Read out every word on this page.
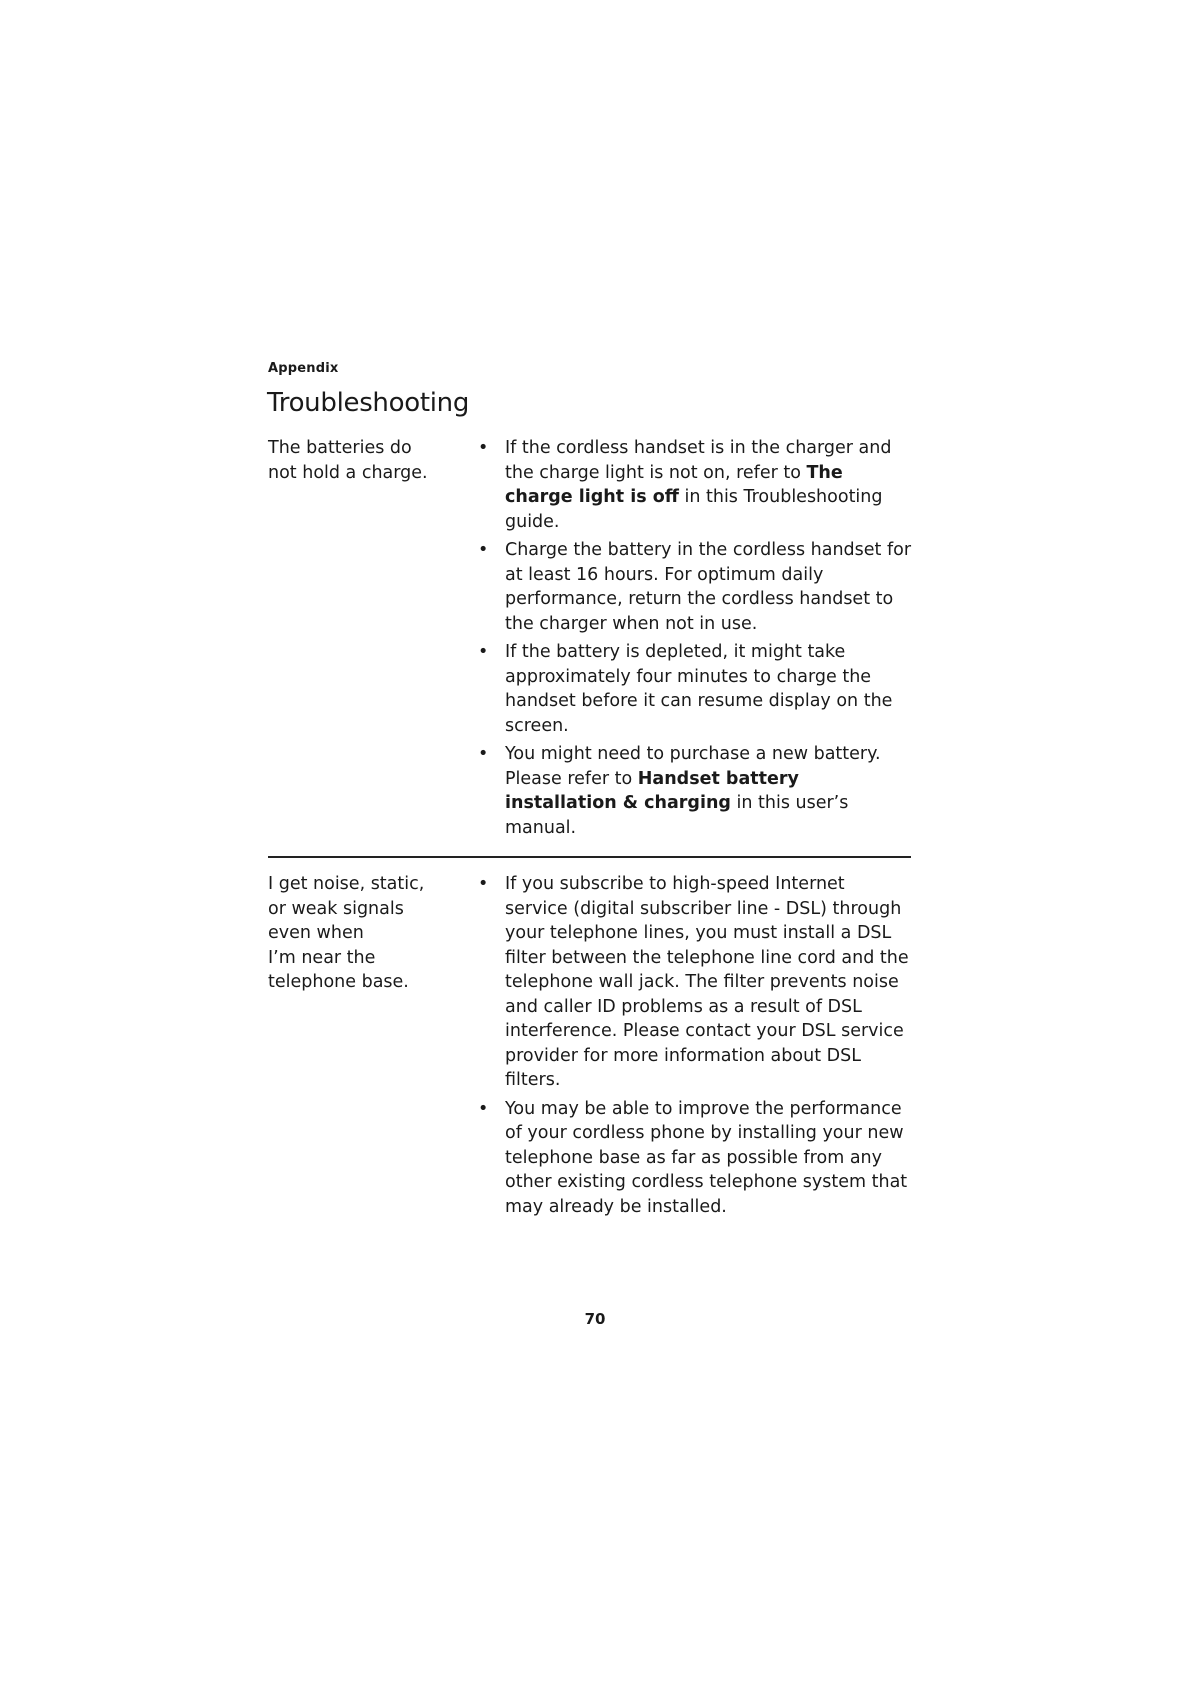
Appendix
Troubleshooting
The batteries do
not hold a charge.
• If the cordless handset is in the charger and the charge light is not on, refer to The charge light is off in this Troubleshooting guide.
• Charge the battery in the cordless handset for at least 16 hours. For optimum daily performance, return the cordless handset to the charger when not in use.
• If the battery is depleted, it might take approximately four minutes to charge the handset before it can resume display on the screen.
• You might need to purchase a new battery. Please refer to Handset battery installation & charging in this user’s manual.
I get noise, static,
or weak signals
even when
I’m near the
telephone base.
• If you subscribe to high-speed Internet service (digital subscriber line - DSL) through your telephone lines, you must install a DSL filter between the telephone line cord and the telephone wall jack. The filter prevents noise and caller ID problems as a result of DSL interference. Please contact your DSL service provider for more information about DSL filters.
• You may be able to improve the performance of your cordless phone by installing your new telephone base as far as possible from any other existing cordless telephone system that may already be installed.
70
